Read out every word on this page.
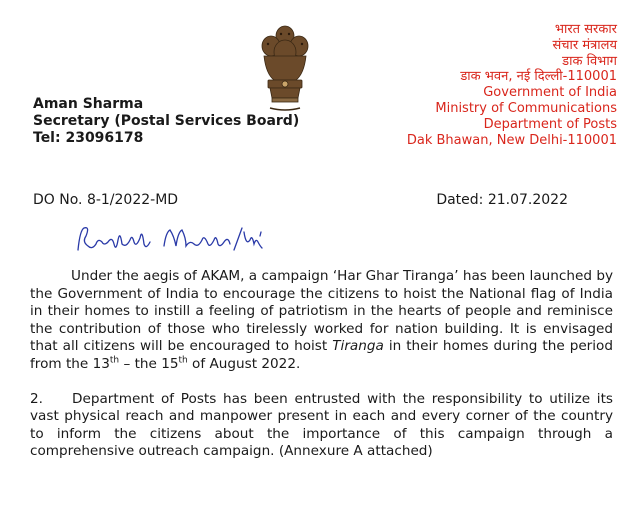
Aman Sharma
Secretary (Postal Services Board)
Tel: 23096178
भारत सरकार
संचार मंत्रालय
डाक विभाग
डाक भवन, नई दिल्ली-110001
Government of India
Ministry of Communications
Department of Posts
Dak Bhawan, New Delhi-110001
DO No. 8-1/2022-MD	Dated: 21.07.2022

Under the aegis of AKAM, a campaign ‘Har Ghar Tiranga’ has been launched by the Government of India to encourage the citizens to hoist the National flag of India in their homes to instill a feeling of patriotism in the hearts of people and reminisce the contribution of those who tirelessly worked for nation building. It is envisaged that all citizens will be encouraged to hoist Tiranga in their homes during the period from the 13th – the 15th of August 2022.

2. Department of Posts has been entrusted with the responsibility to utilize its vast physical reach and manpower present in each and every corner of the country to inform the citizens about the importance of this campaign through a comprehensive outreach campaign. (Annexure A attached)
